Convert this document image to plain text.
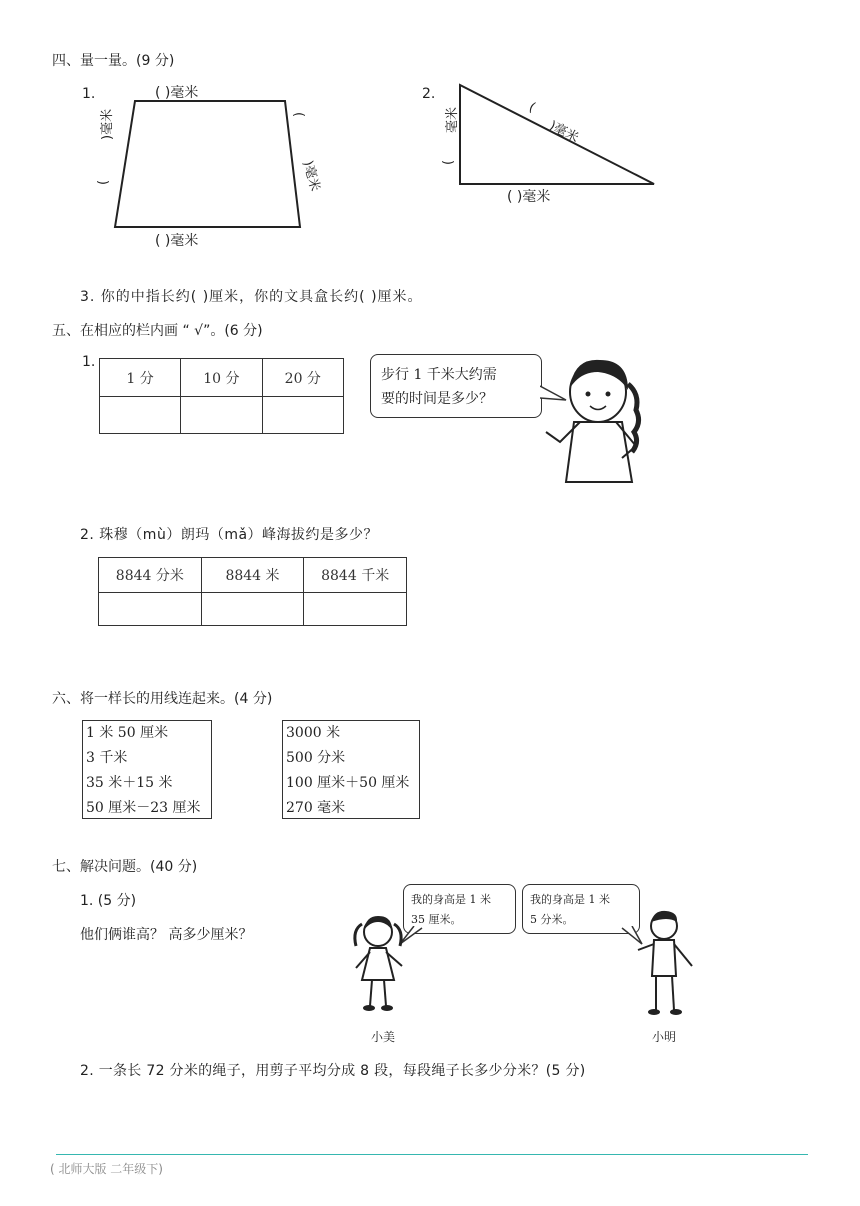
四、量一量。(9 分)
1.	( )毫米
( )毫米
)毫米
(
(
)毫米
2.
毫米
(
(
)毫米
( )毫米
3. 你的中指长约( )厘米，你的文具盒长约( )厘米。
五、在相应的栏内画 “ √”。(6 分)
1.
1 分	10 分	20 分
			步行 1 千米大约需
要的时间是多少？
2. 珠穆（mù）朗玛（mǎ）峰海拔约是多少？
8844 分米	8844 米	8844 千米

六、将一样长的用线连起来。(4 分)
1 米 50 厘米
3 千米
35 米＋15 米
50 厘米－23 厘米
3000 米
500 分米
100 厘米＋50 厘米
270 毫米
七、解决问题。(40 分)
1. (5 分)
他们俩谁高？ 高多少厘米？
我的身高是 1 米
35 厘米。
我的身高是 1 米
5 分米。
小美	小明
2. 一条长 72 分米的绳子，用剪子平均分成 8 段，每段绳子长多少分米？(5 分)
( 北师大版 二年级下)
